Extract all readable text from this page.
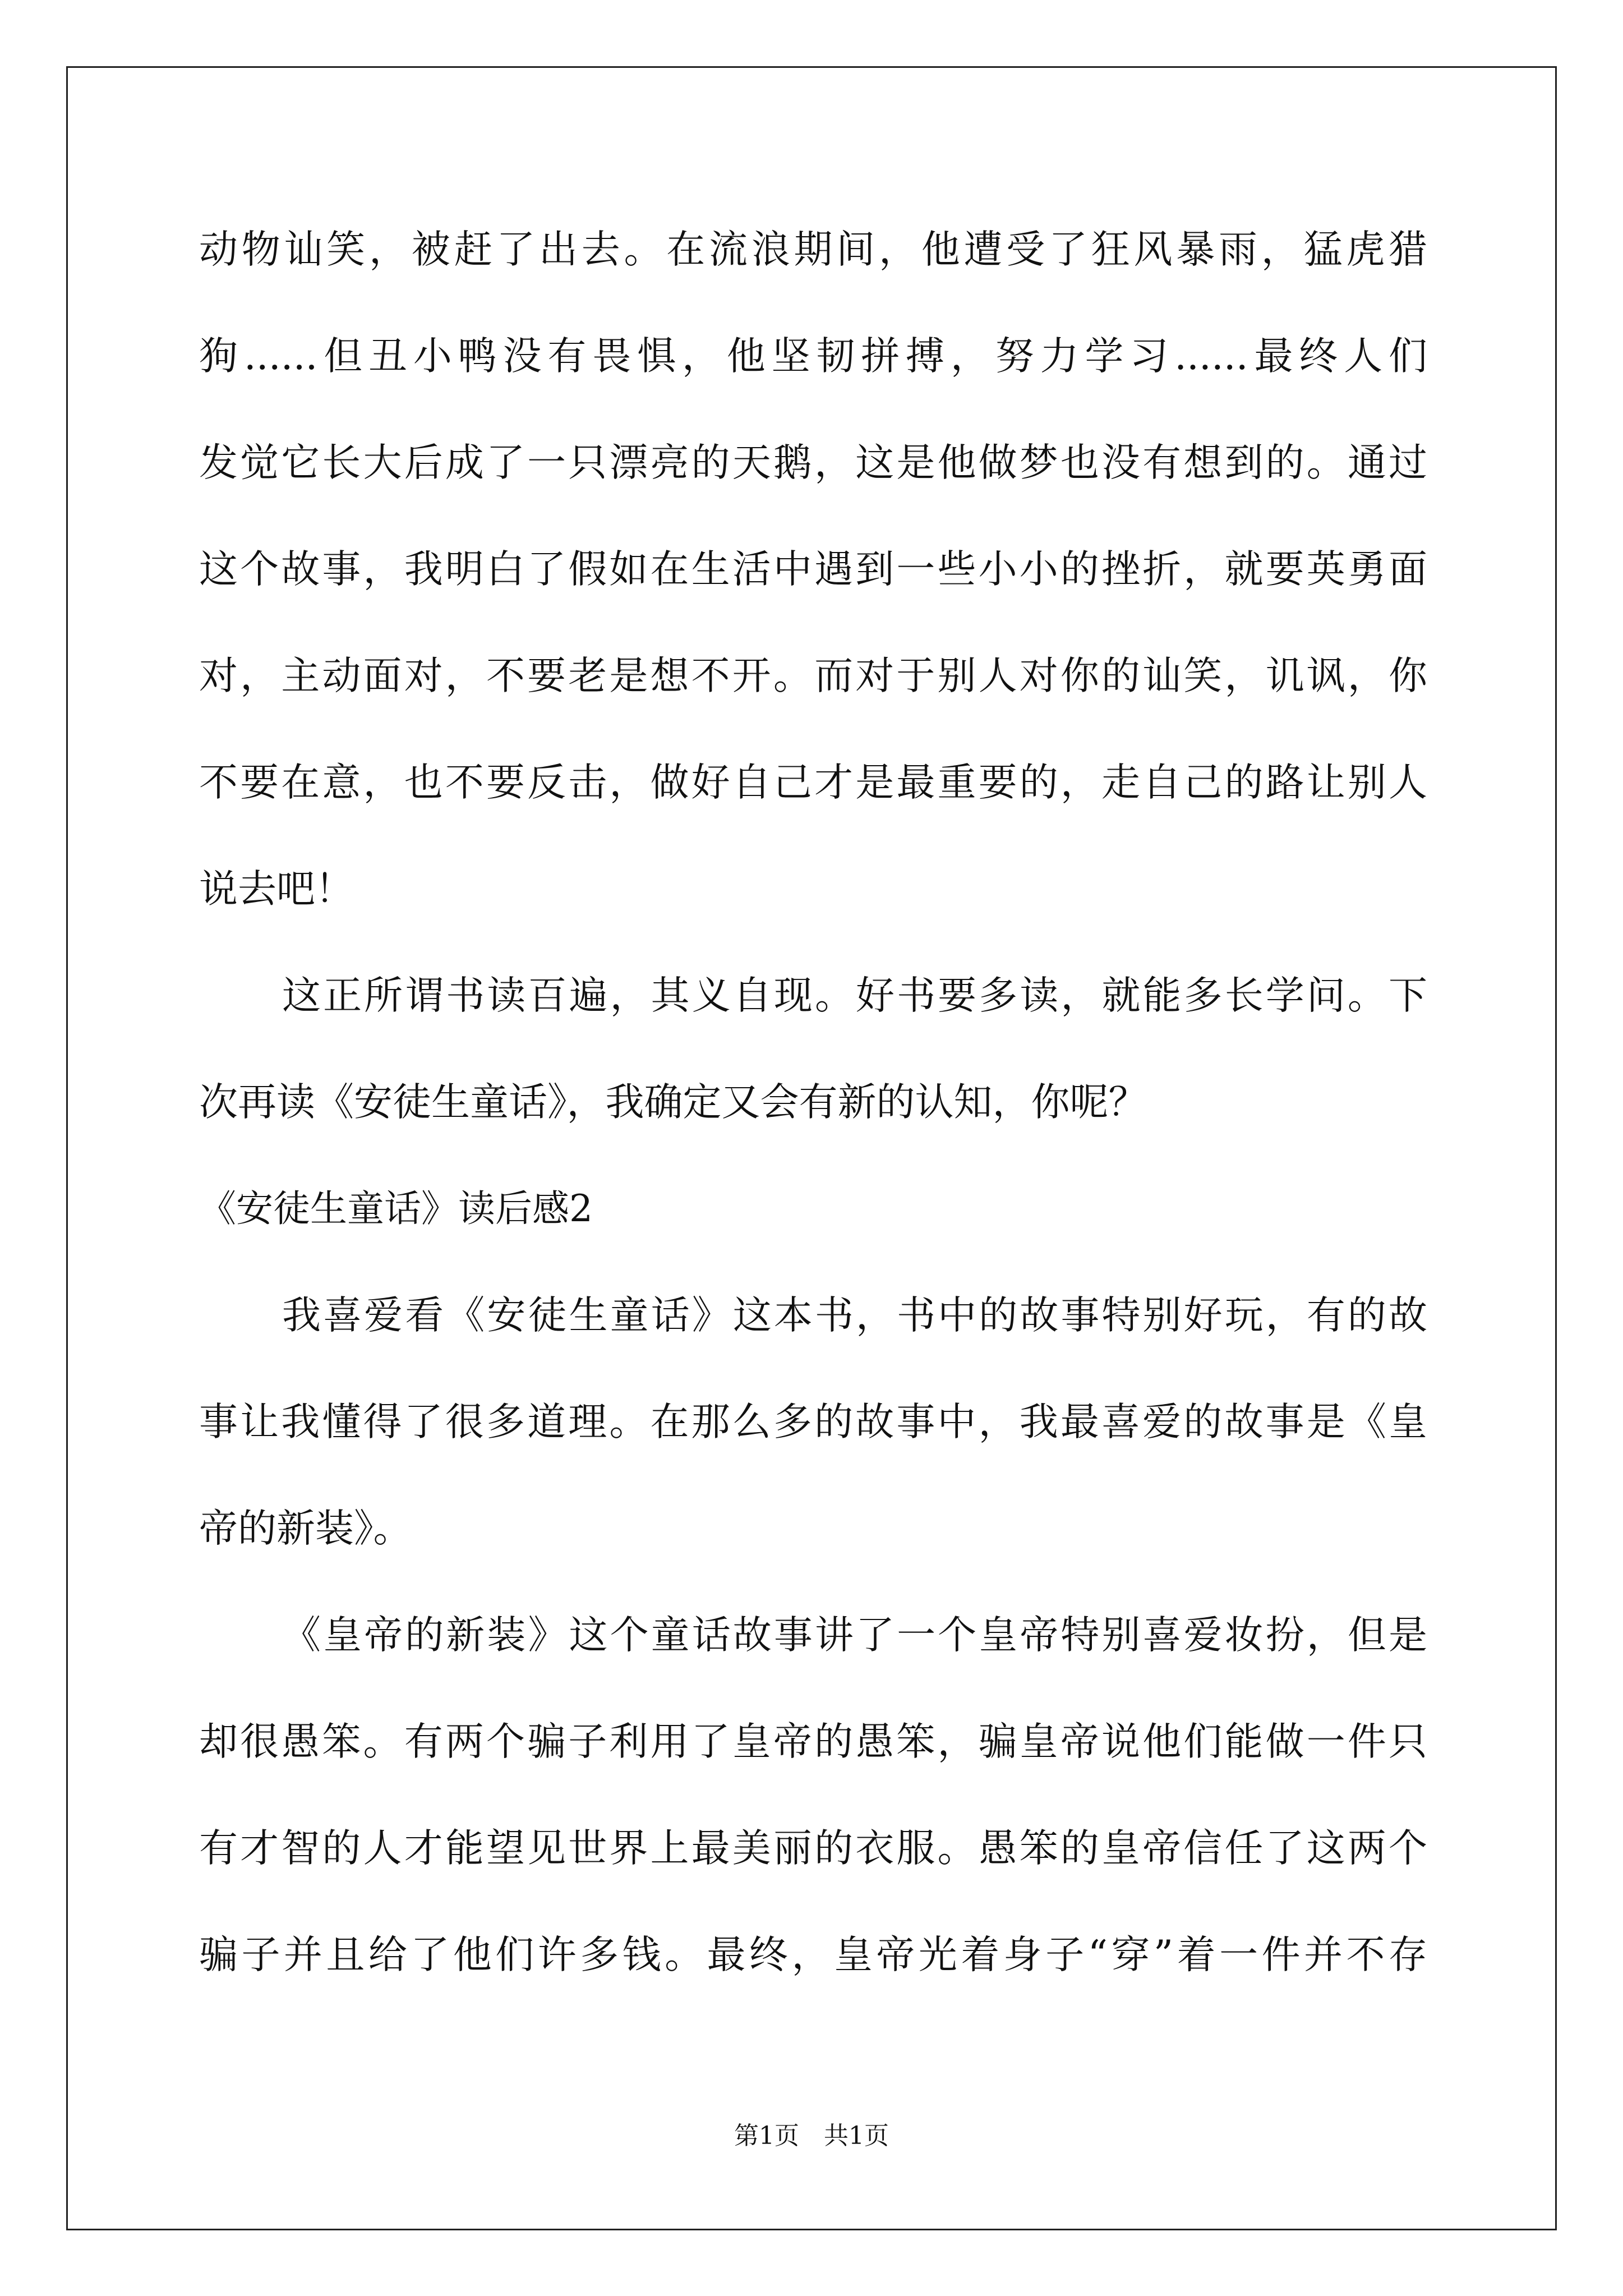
动物讪笑，被赶了出去。在流浪期间，他遭受了狂风暴雨，猛虎猎
狗......但丑小鸭没有畏惧，他坚韧拼搏，努力学习......最终人们
发觉它长大后成了一只漂亮的天鹅，这是他做梦也没有想到的。通过
这个故事，我明白了假如在生活中遇到一些小小的挫折，就要英勇面
对，主动面对，不要老是想不开。而对于别人对你的讪笑，讥讽，你
不要在意，也不要反击，做好自己才是最重要的，走自己的路让别人
说去吧！
这正所谓书读百遍，其义自现。好书要多读，就能多长学问。下
次再读《安徒生童话》，我确定又会有新的认知，你呢？
《安徒生童话》读后感2
我喜爱看《安徒生童话》这本书，书中的故事特别好玩，有的故
事让我懂得了很多道理。在那么多的故事中，我最喜爱的故事是《皇
帝的新装》。
《皇帝的新装》这个童话故事讲了一个皇帝特别喜爱妆扮，但是
却很愚笨。有两个骗子利用了皇帝的愚笨，骗皇帝说他们能做一件只
有才智的人才能望见世界上最美丽的衣服。愚笨的皇帝信任了这两个
骗子并且给了他们许多钱。最终，皇帝光着身子“穿”着一件并不存
第1页　共1页
